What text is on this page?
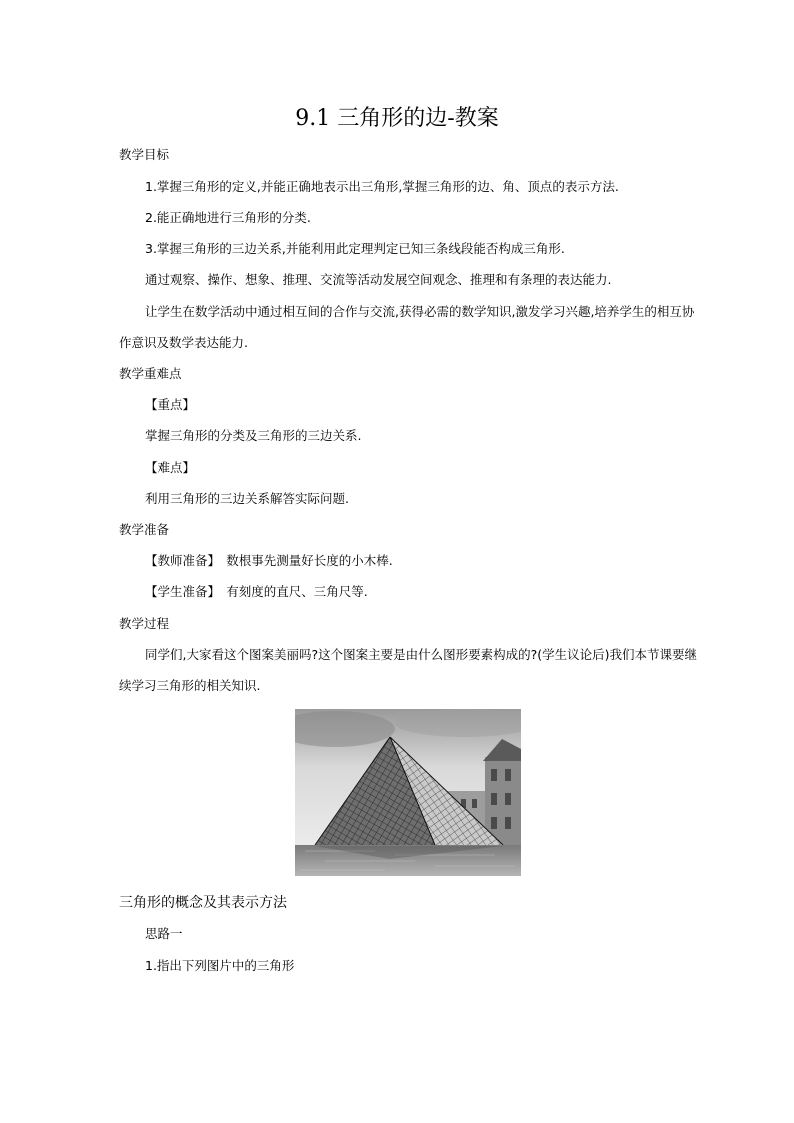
9.1 三角形的边-教案
教学目标
1.掌握三角形的定义,并能正确地表示出三角形,掌握三角形的边、角、顶点的表示方法.
2.能正确地进行三角形的分类.
3.掌握三角形的三边关系,并能利用此定理判定已知三条线段能否构成三角形.
通过观察、操作、想象、推理、交流等活动发展空间观念、推理和有条理的表达能力.
让学生在数学活动中通过相互间的合作与交流,获得必需的数学知识,激发学习兴趣,培养学生的相互协
作意识及数学表达能力.
教学重难点
【重点】
掌握三角形的分类及三角形的三边关系.
【难点】
利用三角形的三边关系解答实际问题.
教学准备
【教师准备】　数根事先测量好长度的小木棒.
【学生准备】　有刻度的直尺、三角尺等.
教学过程
同学们,大家看这个图案美丽吗?这个图案主要是由什么图形要素构成的?(学生议论后)我们本节课要继
续学习三角形的相关知识.
三角形的概念及其表示方法
思路一
1.指出下列图片中的三角形
